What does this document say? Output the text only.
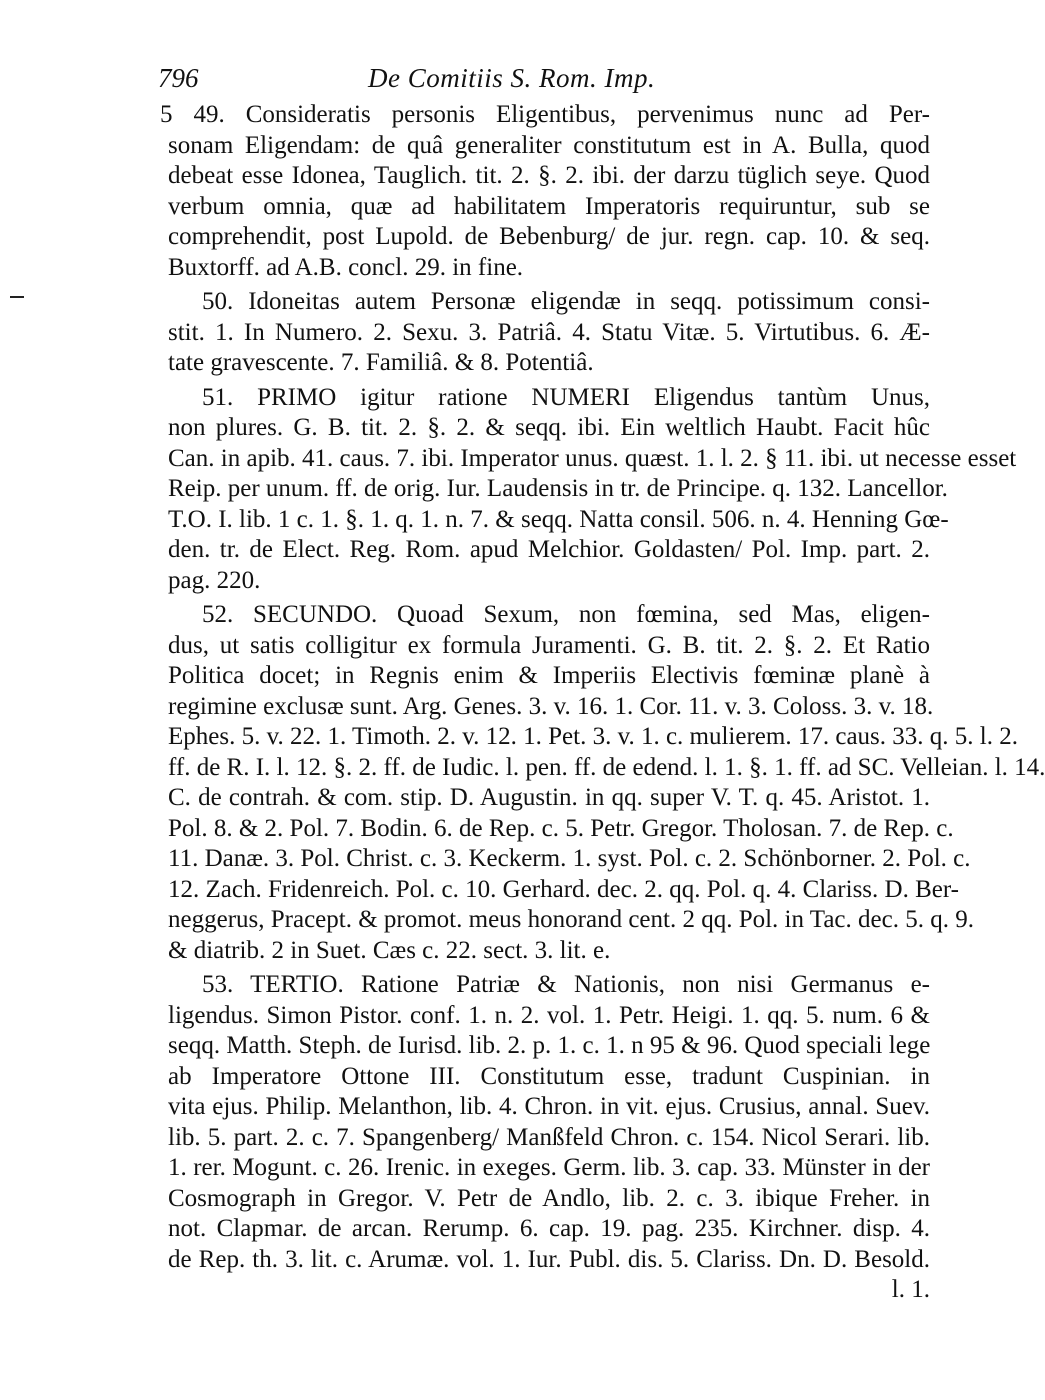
796	De Comitiis S. Rom. Imp.
5 49. Consideratis personis Eligentibus, pervenimus nunc ad Per-
sonam Eligendam: de quâ generaliter constitutum est in A. Bulla, quod
debeat esse Idonea, Tauglich. tit. 2. §. 2. ibi. der darzu tüglich seye. Quod
verbum omnia, quæ ad habilitatem Imperatoris requiruntur, sub se
comprehendit, post Lupold. de Bebenburg/ de jur. regn. cap. 10. & seq.
Buxtorff. ad A.B. concl. 29. in fine.
50. Idoneitas autem Personæ eligendæ in seqq. potissimum consi-
stit. 1. In Numero. 2. Sexu. 3. Patriâ. 4. Statu Vitæ. 5. Virtutibus. 6. Æ-
tate gravescente. 7. Familiâ. & 8. Potentiâ.
51. PRIMO igitur ratione NUMERI Eligendus tantùm Unus,
non plures. G. B. tit. 2. §. 2. & seqq. ibi. Ein weltlich Haubt. Facit hûc
Can. in apib. 41. caus. 7. ibi. Imperator unus. quæst. 1. l. 2. § 11. ibi. ut necesse esset
Reip. per unum. ff. de orig. Iur. Laudensis in tr. de Principe. q. 132. Lancellor.
T.O. I. lib. 1 c. 1. §. 1. q. 1. n. 7. & seqq. Natta consil. 506. n. 4. Henning Gœ-
den. tr. de Elect. Reg. Rom. apud Melchior. Goldasten/ Pol. Imp. part. 2.
pag. 220.
52. SECUNDO. Quoad Sexum, non fœmina, sed Mas, eligen-
dus, ut satis colligitur ex formula Juramenti. G. B. tit. 2. §. 2. Et Ratio
Politica docet; in Regnis enim & Imperiis Electivis fœminæ planè à
regimine exclusæ sunt. Arg. Genes. 3. v. 16. 1. Cor. 11. v. 3. Coloss. 3. v. 18.
Ephes. 5. v. 22. 1. Timoth. 2. v. 12. 1. Pet. 3. v. 1. c. mulierem. 17. caus. 33. q. 5. l. 2.
ff. de R. I. l. 12. §. 2. ff. de Iudic. l. pen. ff. de edend. l. 1. §. 1. ff. ad SC. Velleian. l. 14.
C. de contrah. & com. stip. D. Augustin. in qq. super V. T. q. 45. Aristot. 1.
Pol. 8. & 2. Pol. 7. Bodin. 6. de Rep. c. 5. Petr. Gregor. Tholosan. 7. de Rep. c.
11. Danæ. 3. Pol. Christ. c. 3. Keckerm. 1. syst. Pol. c. 2. Schönborner. 2. Pol. c.
12. Zach. Fridenreich. Pol. c. 10. Gerhard. dec. 2. qq. Pol. q. 4. Clariss. D. Ber-
neggerus, Pracept. & promot. meus honorand cent. 2 qq. Pol. in Tac. dec. 5. q. 9.
& diatrib. 2 in Suet. Cæs c. 22. sect. 3. lit. e.
53. TERTIO. Ratione Patriæ & Nationis, non nisi Germanus e-
ligendus. Simon Pistor. conf. 1. n. 2. vol. 1. Petr. Heigi. 1. qq. 5. num. 6 &
seqq. Matth. Steph. de Iurisd. lib. 2. p. 1. c. 1. n 95 & 96. Quod speciali lege
ab Imperatore Ottone III. Constitutum esse, tradunt Cuspinian. in
vita ejus. Philip. Melanthon, lib. 4. Chron. in vit. ejus. Crusius, annal. Suev.
lib. 5. part. 2. c. 7. Spangenberg/ Manßfeld Chron. c. 154. Nicol Serari. lib.
1. rer. Mogunt. c. 26. Irenic. in exeges. Germ. lib. 3. cap. 33. Münster in der
Cosmograph in Gregor. V. Petr de Andlo, lib. 2. c. 3. ibique Freher. in
not. Clapmar. de arcan. Rerump. 6. cap. 19. pag. 235. Kirchner. disp. 4.
de Rep. th. 3. lit. c. Arumæ. vol. 1. Iur. Publ. dis. 5. Clariss. Dn. D. Besold.
l. 1.
